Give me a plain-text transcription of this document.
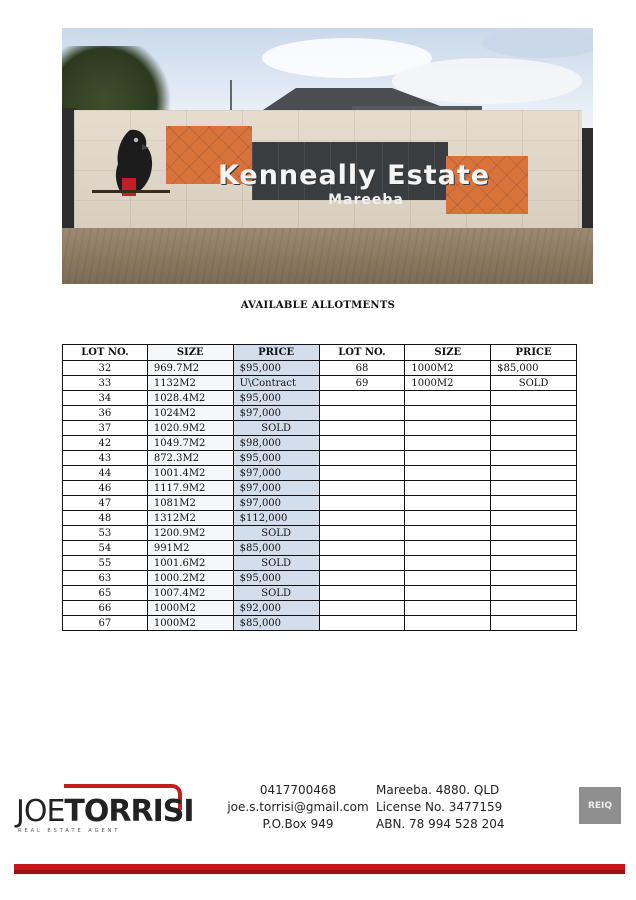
Kenneally Estate
Mareeba
AVAILABLE ALLOTMENTS
LOT NO.	SIZE	PRICE	LOT NO.	SIZE	PRICE
32	969.7M2	$95,000	68	1000M2	$85,000
33	1132M2	U\Contract	69	1000M2	SOLD
34	1028.4M2	$95,000			
36	1024M2	$97,000			
37	1020.9M2	SOLD			
42	1049.7M2	$98,000			
43	872.3M2	$95,000			
44	1001.4M2	$97,000			
46	1117.9M2	$97,000			
47	1081M2	$97,000			
48	1312M2	$112,000			
53	1200.9M2	SOLD			
54	991M2	$85,000			
55	1001.6M2	SOLD			
63	1000.2M2	$95,000			
65	1007.4M2	SOLD			
66	1000M2	$92,000			
67	1000M2	$85,000			
JOETORRISI
REAL ESTATE AGENT
0417700468
joe.s.torrisi@gmail.com
P.O.Box 949
Mareeba. 4880. QLD
License No. 3477159
ABN. 78 994 528 204
REIQ
